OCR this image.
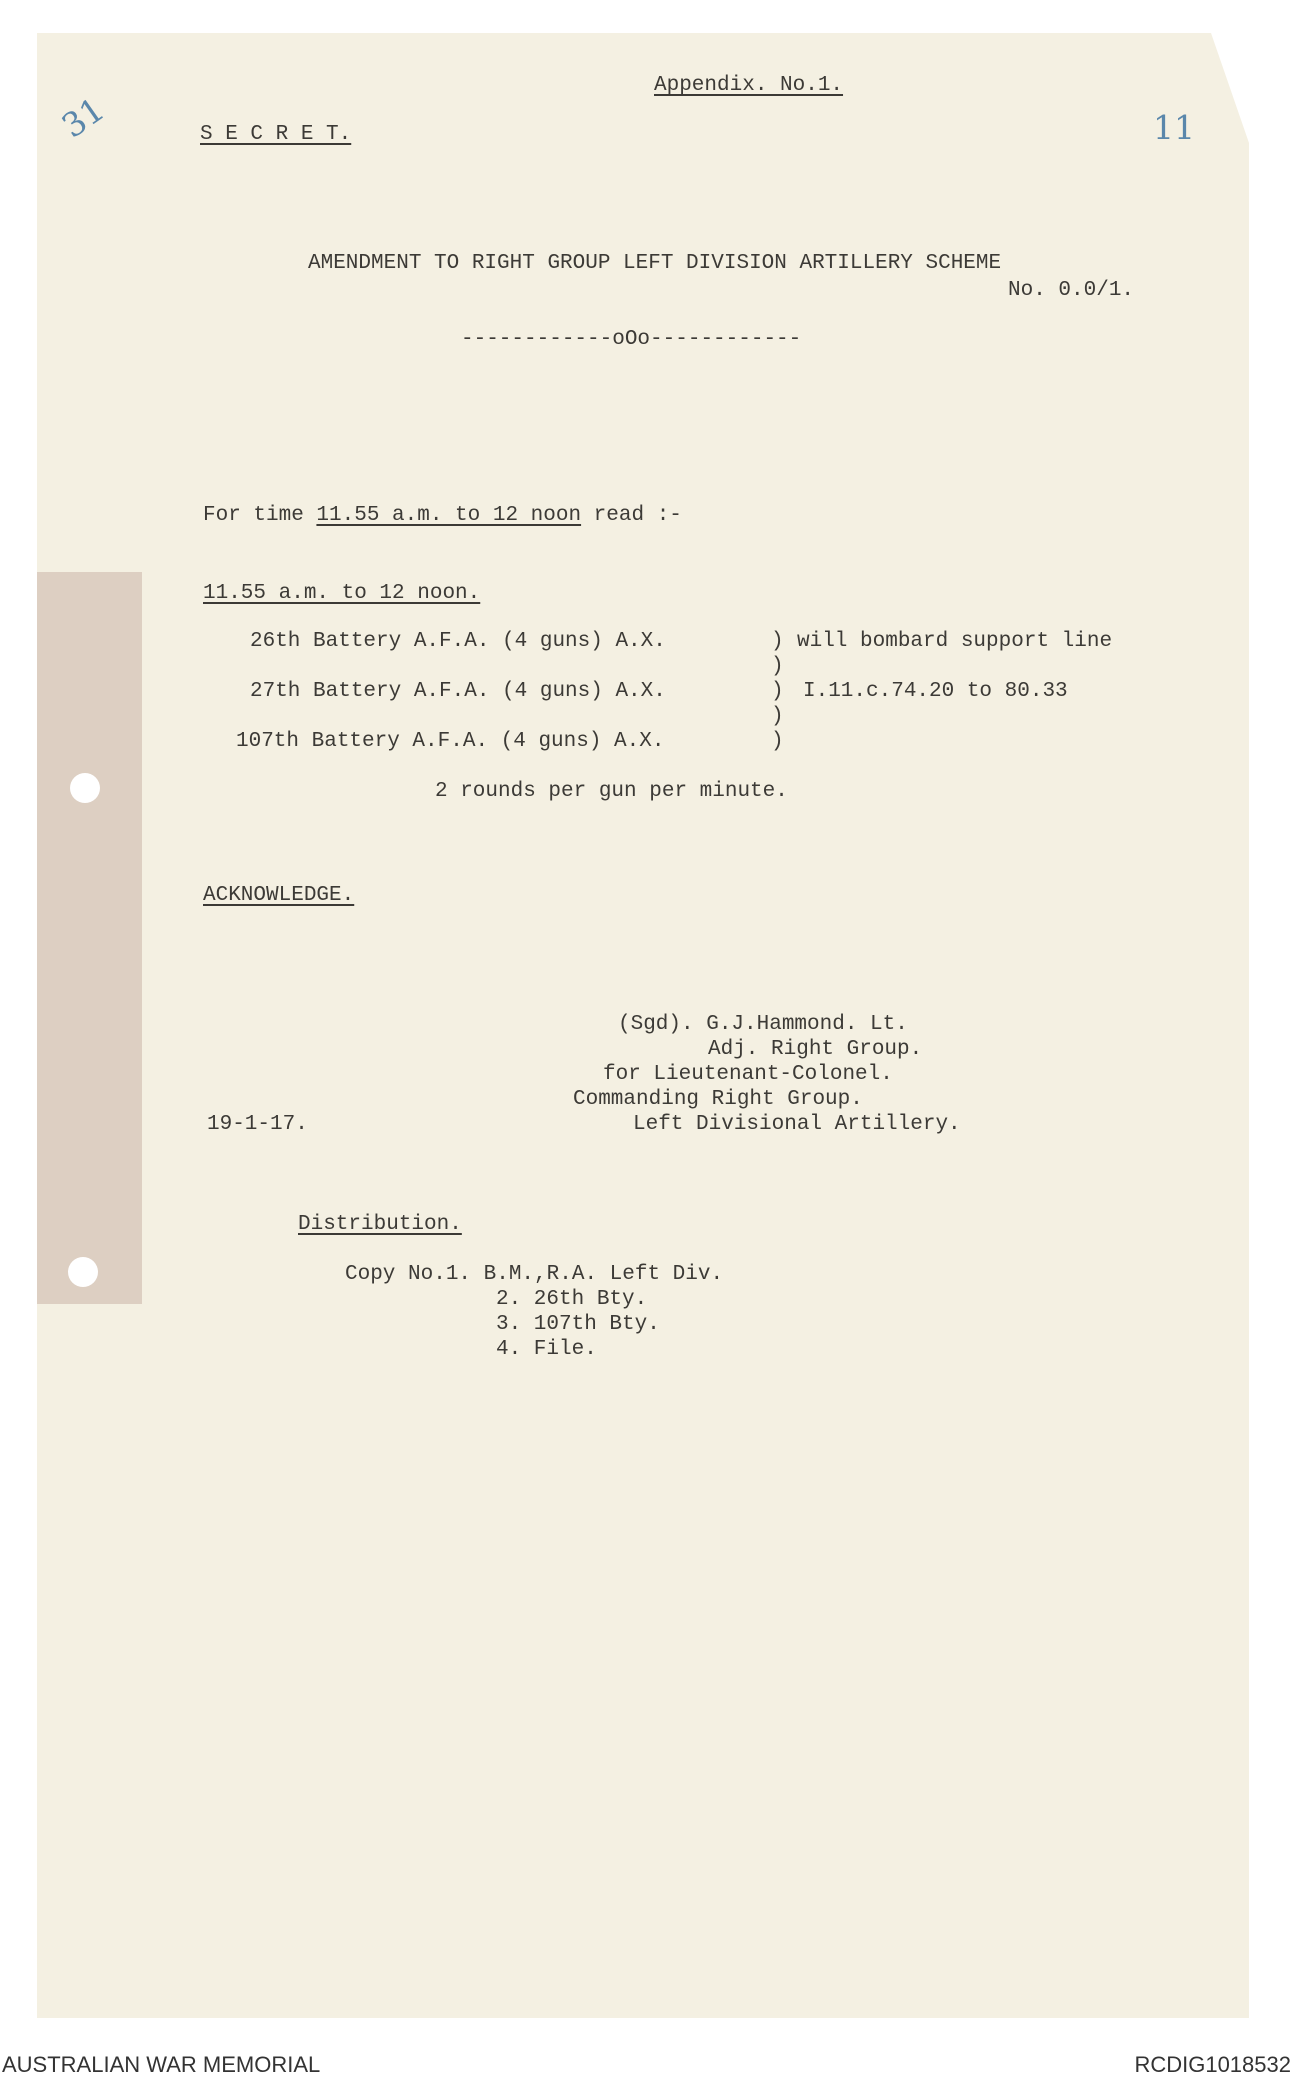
31	11
Appendix. No.1.
S E C R E T.
AMENDMENT TO RIGHT GROUP LEFT DIVISION ARTILLERY SCHEME
No. 0.0/1.
------------oOo------------
For time 11.55 a.m. to 12 noon read :-
11.55 a.m. to 12 noon.
26th Battery A.F.A. (4 guns) A.X.	) will bombard support line
)
27th Battery A.F.A. (4 guns) A.X.	) I.11.c.74.20 to 80.33
)
107th Battery A.F.A. (4 guns) A.X.	)
2 rounds per gun per minute.
ACKNOWLEDGE.
(Sgd). G.J.Hammond. Lt.
Adj. Right Group.
for Lieutenant-Colonel.
Commanding Right Group.
Left Divisional Artillery.
19-1-17.
Distribution.
Copy No.1. B.M.,R.A. Left Div.
2. 26th Bty.
3. 107th Bty.
4. File.
AUSTRALIAN WAR MEMORIAL	RCDIG1018532
